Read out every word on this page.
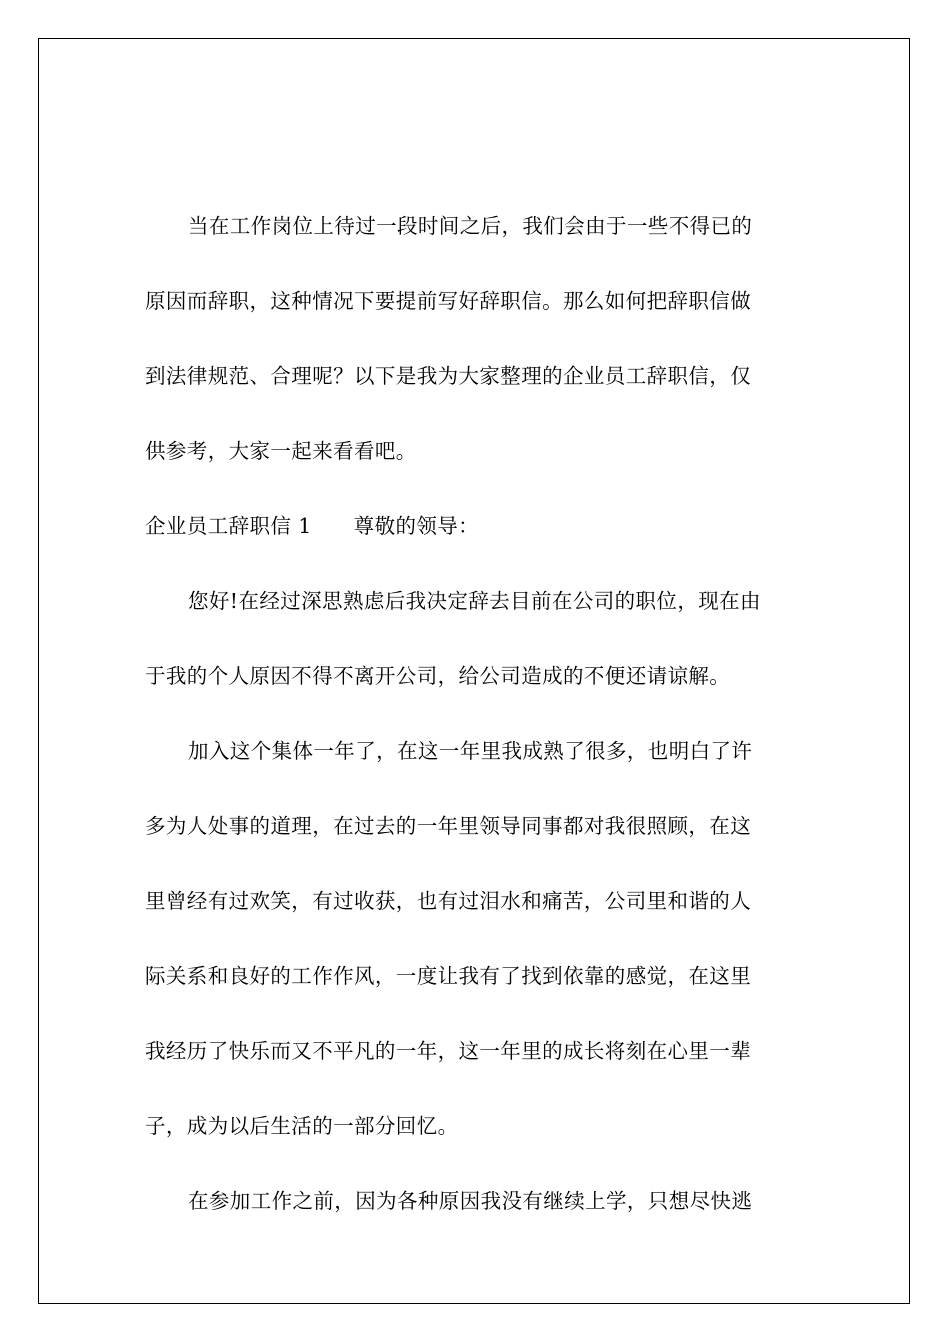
当在工作岗位上待过一段时间之后，我们会由于一些不得已的
原因而辞职，这种情况下要提前写好辞职信。那么如何把辞职信做
到法律规范、合理呢？以下是我为大家整理的企业员工辞职信，仅
供参考，大家一起来看看吧。
企业员工辞职信 1 尊敬的领导：
您好!在经过深思熟虑后我决定辞去目前在公司的职位，现在由
于我的个人原因不得不离开公司，给公司造成的不便还请谅解。
加入这个集体一年了，在这一年里我成熟了很多，也明白了许
多为人处事的道理，在过去的一年里领导同事都对我很照顾，在这
里曾经有过欢笑，有过收获，也有过泪水和痛苦，公司里和谐的人
际关系和良好的工作作风，一度让我有了找到依靠的感觉，在这里
我经历了快乐而又不平凡的一年，这一年里的成长将刻在心里一辈
子，成为以后生活的一部分回忆。
在参加工作之前，因为各种原因我没有继续上学，只想尽快逃
